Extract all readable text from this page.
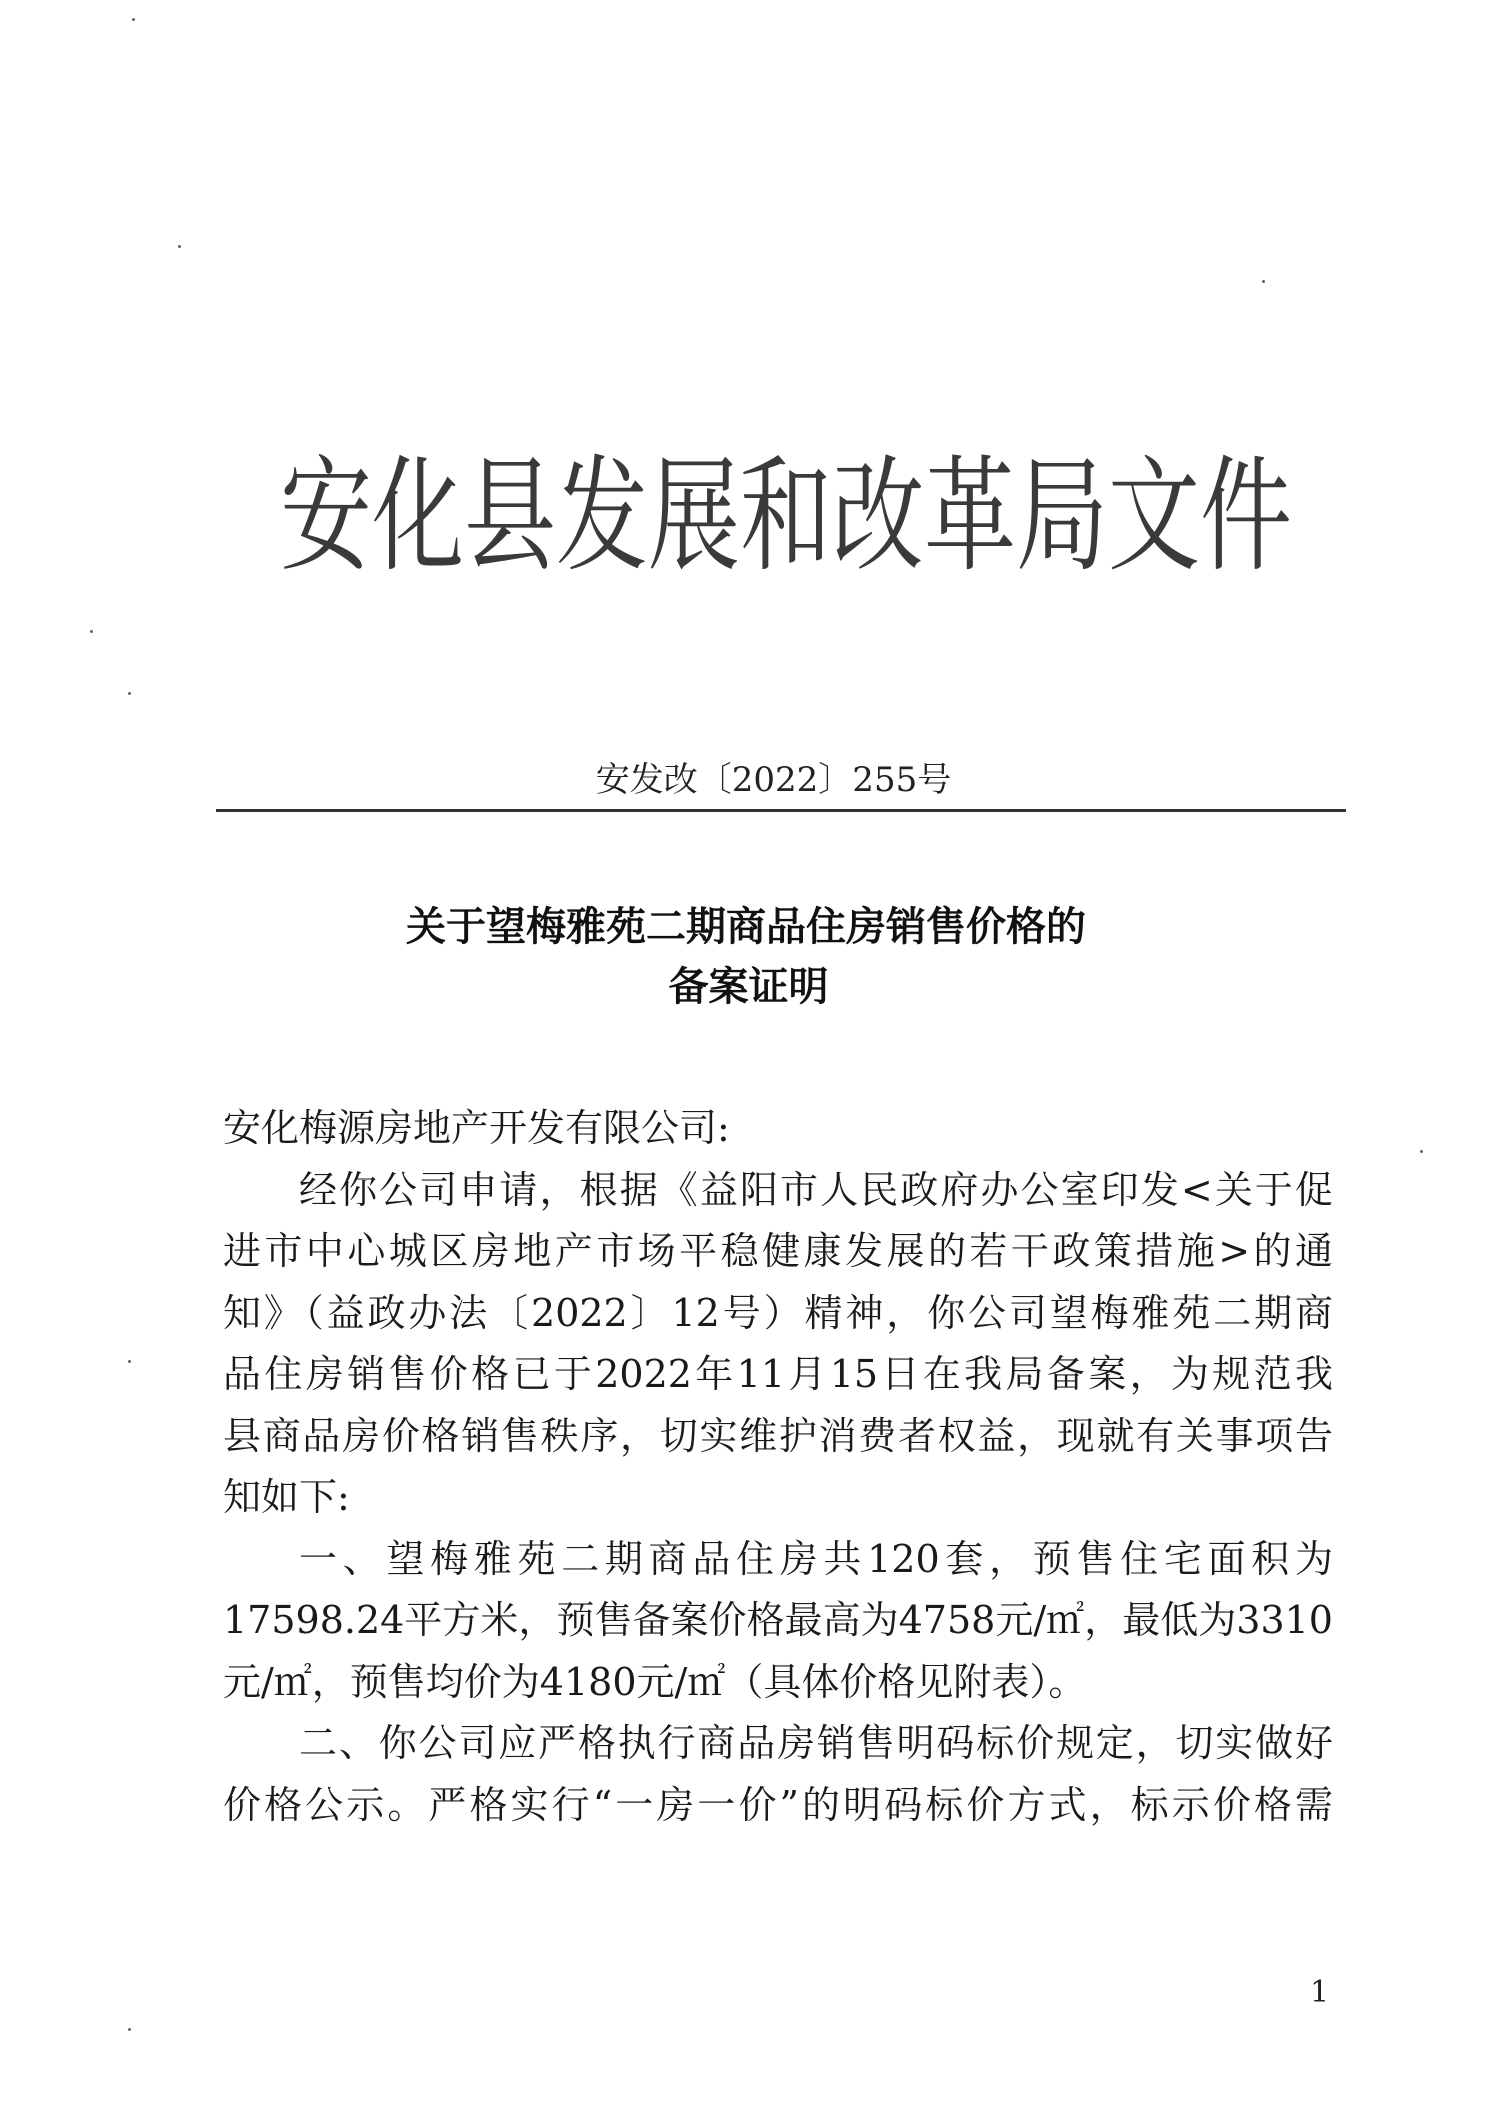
安化县发展和改革局文件
安发改〔2022〕255号
关于望梅雅苑二期商品住房销售价格的
备案证明
安化梅源房地产开发有限公司:
经你公司申请，根据《益阳市人民政府办公室印发<关于促
进市中心城区房地产市场平稳健康发展的若干政策措施>的通
知》（益政办法〔2022〕12号）精神，你公司望梅雅苑二期商
品住房销售价格已于2022年11月15日在我局备案，为规范我
县商品房价格销售秩序，切实维护消费者权益，现就有关事项告
知如下:
一、望梅雅苑二期商品住房共120套，预售住宅面积为
17598.24平方米，预售备案价格最高为4758元/㎡，最低为3310
元/㎡，预售均价为4180元/㎡（具体价格见附表）。
二、你公司应严格执行商品房销售明码标价规定，切实做好
价格公示。严格实行“一房一价”的明码标价方式，标示价格需
1
